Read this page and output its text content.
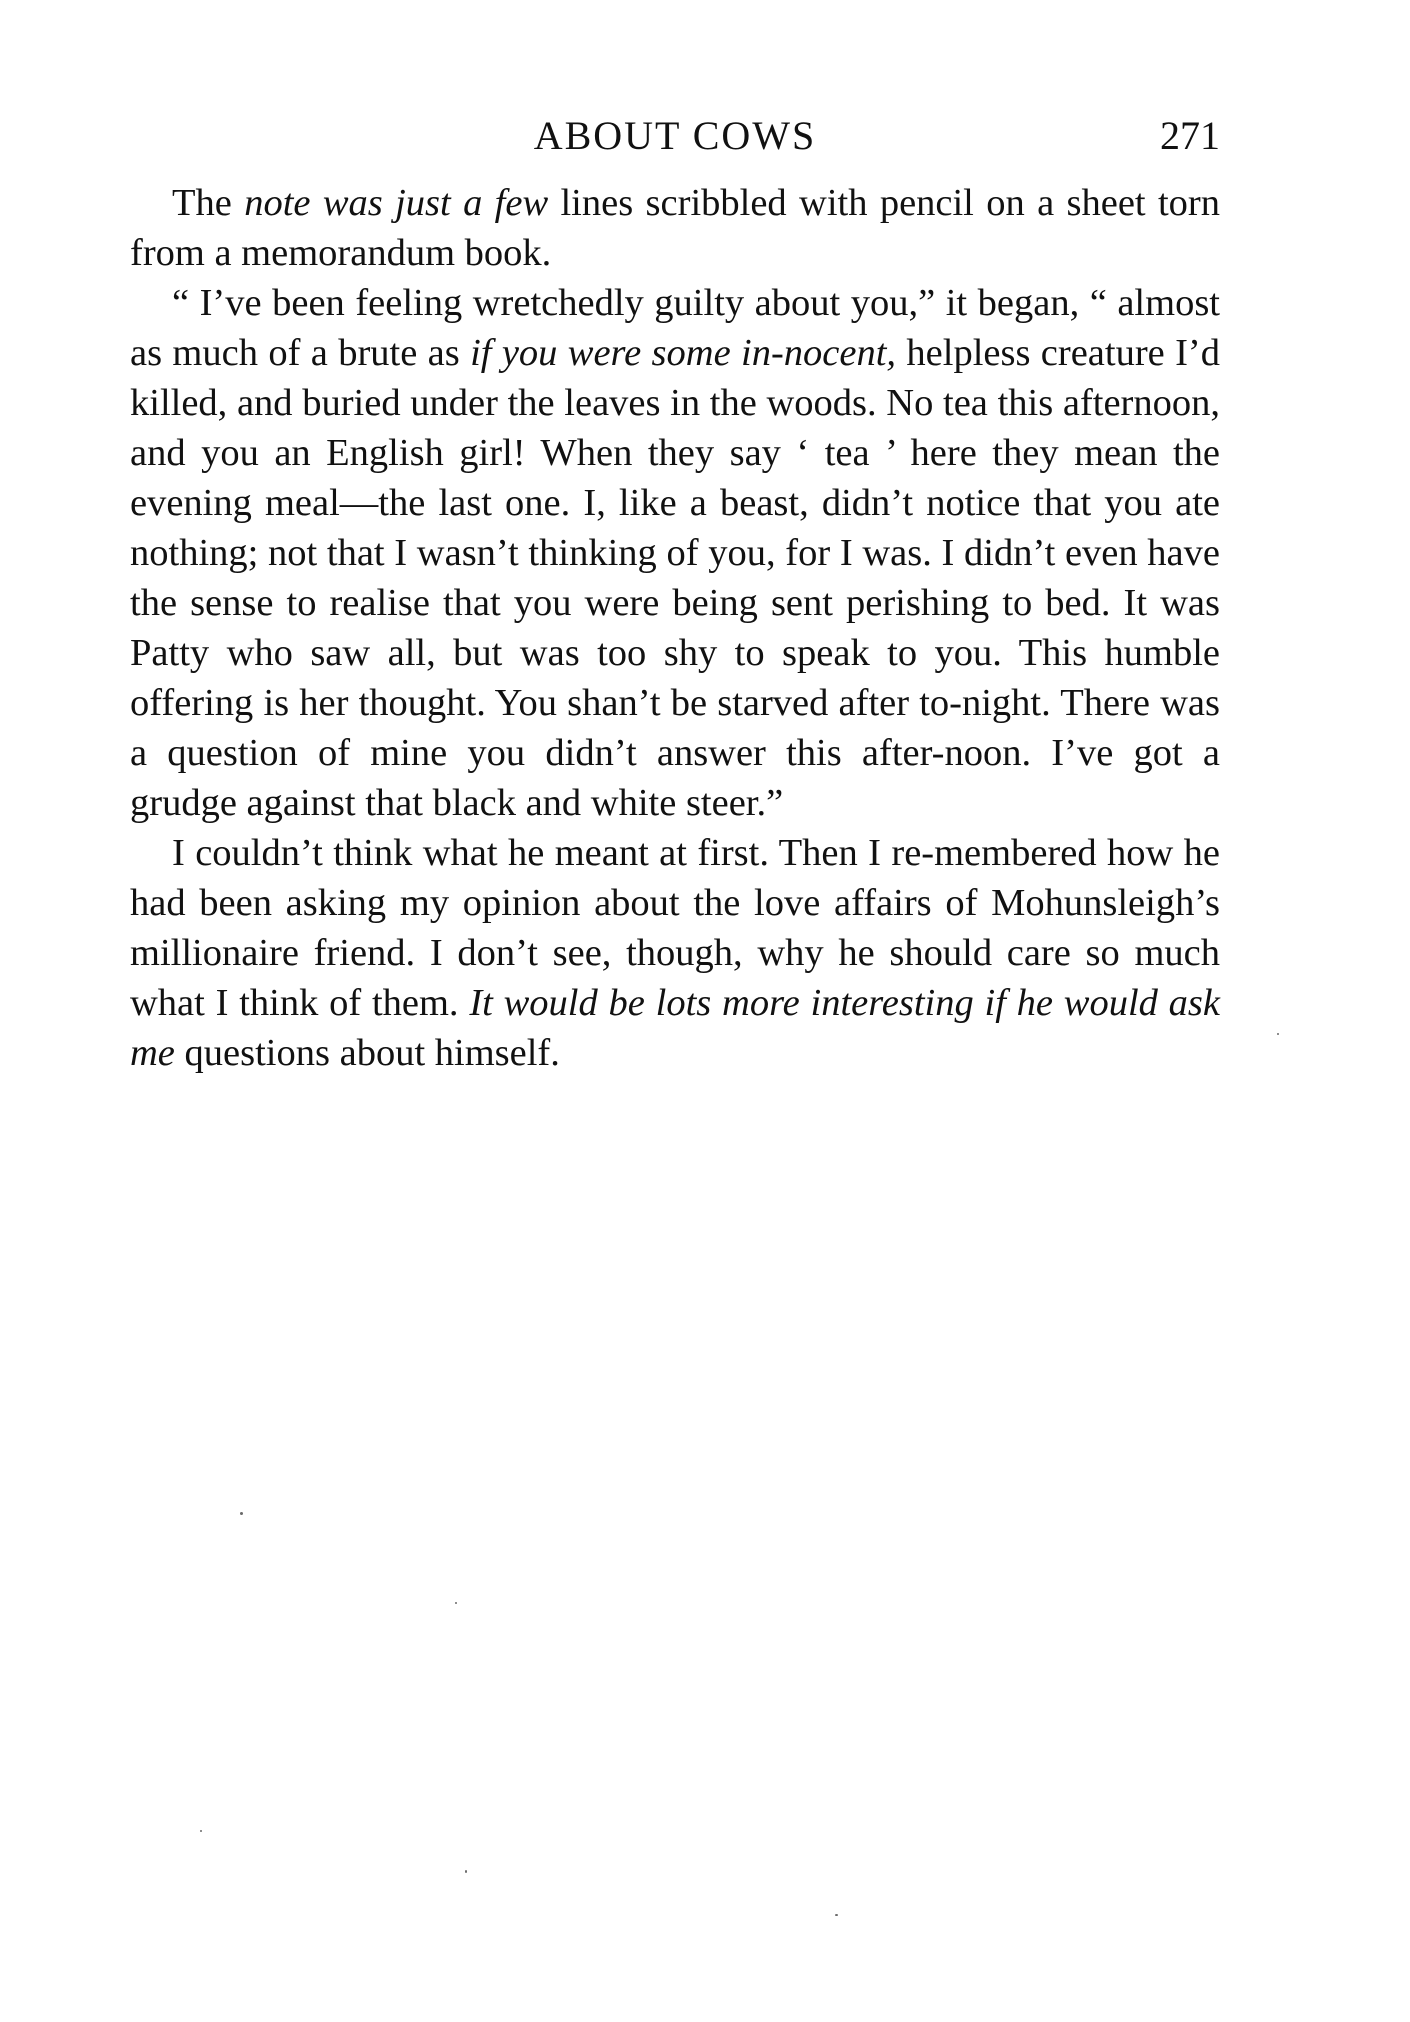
ABOUT COWS	271

The note was just a few lines scribbled with pencil on a sheet torn from a memorandum book.

“ I’ve been feeling wretchedly guilty about you,” it began, “ almost as much of a brute as if you were some in-nocent, helpless creature I’d killed, and buried under the leaves in the woods. No tea this afternoon, and you an English girl! When they say ‘ tea ’ here they mean the evening meal—the last one. I, like a beast, didn’t notice that you ate nothing; not that I wasn’t thinking of you, for I was. I didn’t even have the sense to realise that you were being sent perishing to bed. It was Patty who saw all, but was too shy to speak to you. This humble offering is her thought. You shan’t be starved after to-night. There was a question of mine you didn’t answer this after-noon. I’ve got a grudge against that black and white steer.”

I couldn’t think what he meant at first. Then I re-membered how he had been asking my opinion about the love affairs of Mohunsleigh’s millionaire friend. I don’t see, though, why he should care so much what I think of them. It would be lots more interesting if he would ask me questions about himself.
